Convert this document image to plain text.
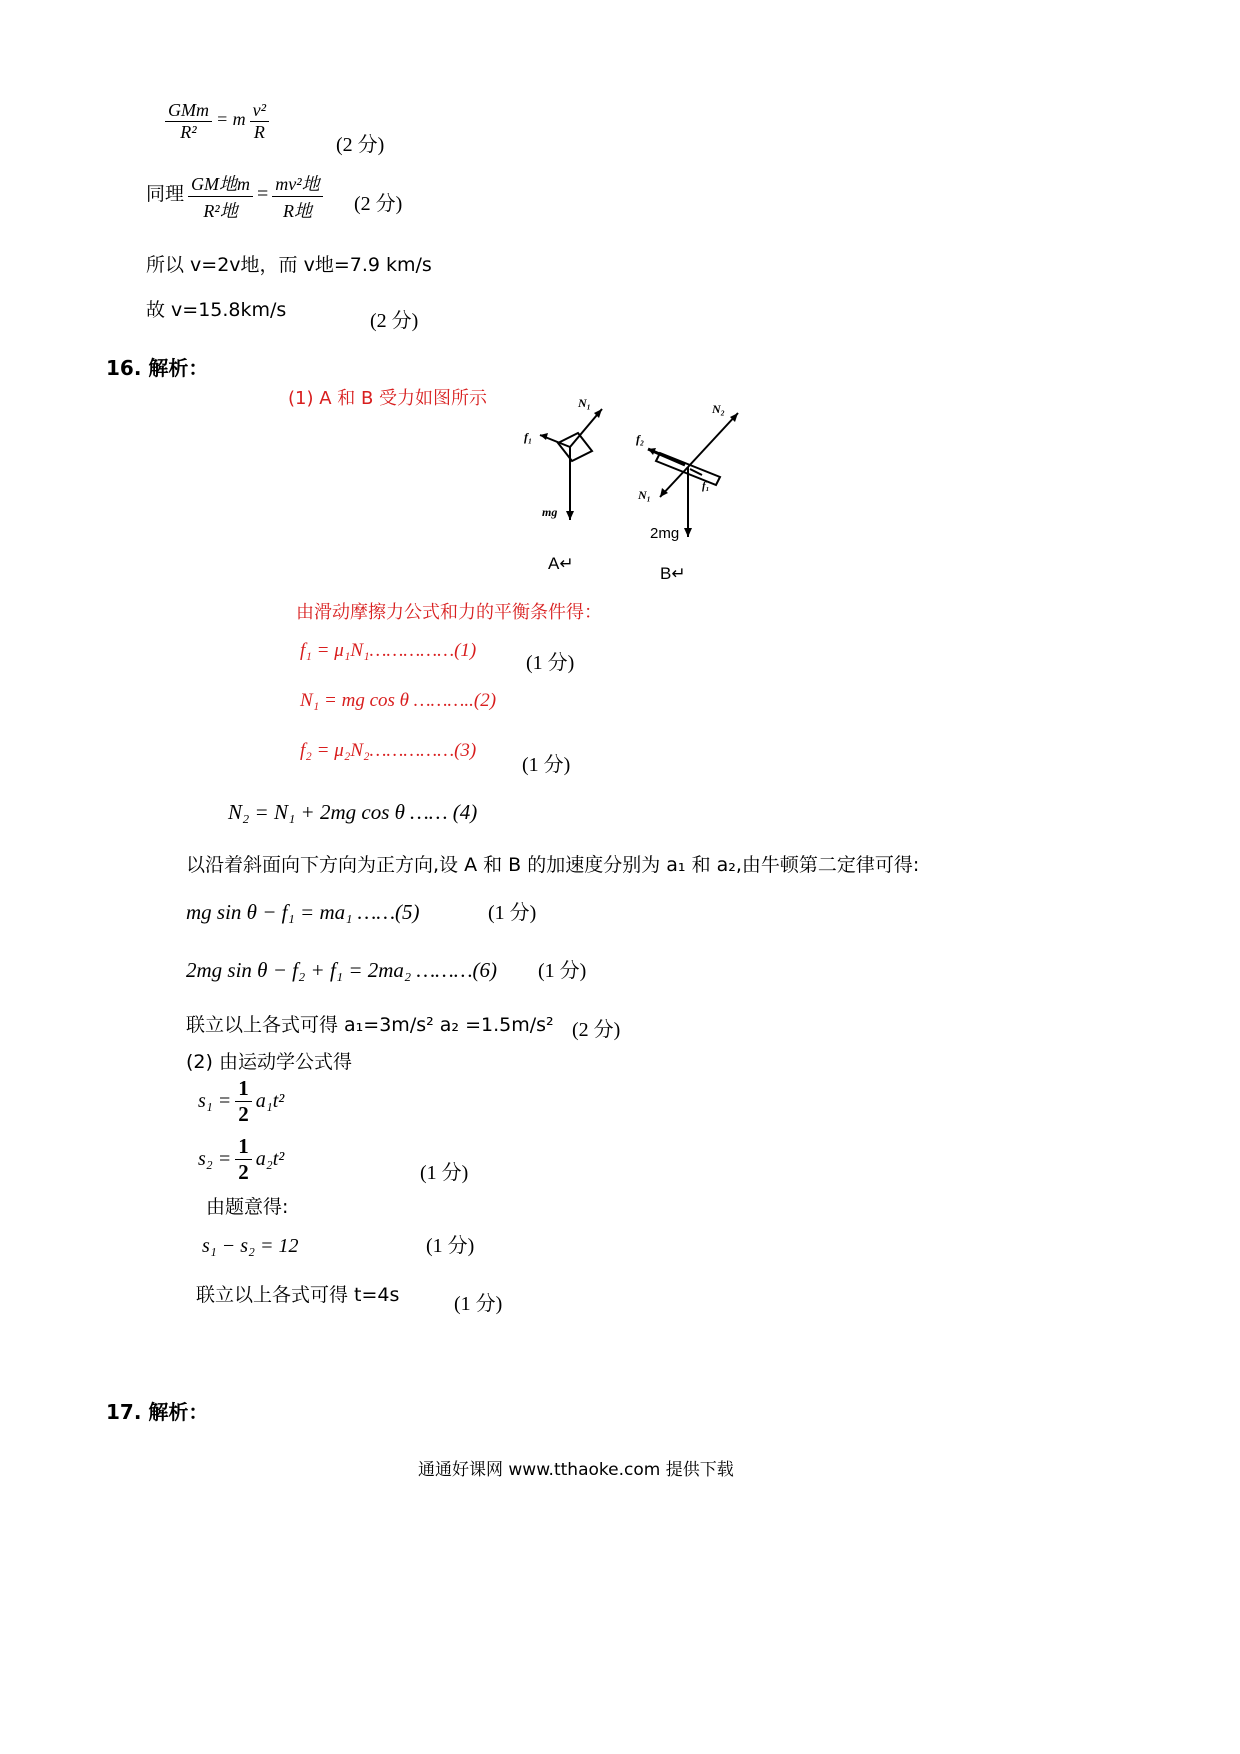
$\frac{\text{GMm}}{\text{R²}} = m \frac{\text{v²}}{R}$
(2 分)
同理 $\frac{\text{GM地m}}{\text{R²地}} = \frac{\text{mv²地}}{\text{R地}} (2$ 分)
所以 v=2v地，而 v地=7.9 km/s
故 v=15.8km/s	(2 分)
16. 解析：
(1) A 和 B 受力如图所示	N₁
f₁
mg
A↵
N₂
f₂
N₁
f₁
2mg
B↵
由滑动摩擦力公式和力的平衡条件得：
f₁ = μ₁N₁……………(1)
(1 分)
N₁ = mg cos θ ………..(2)
f₂ = μ₂N₂……………(3)
(1 分)
N₂ = N₁ + 2mg cos θ …… (4)
以沿着斜面向下方向为正方向,设 A 和 B 的加速度分别为 a₁ 和 a₂,由牛顿第二定律可得:
mg sin θ − f₁ = ma₁ ……(5)	(1 分)
2mg sin θ − f₂ + f₁ = 2ma₂ ………(6) (1 分)
联立以上各式可得 a₁=3m/s² a₂ =1.5m/s² (2 分)
(2) 由运动学公式得
$s_1 = \frac{1}{2} a_1t^2$
$s_2 = \frac{1}{2} a_2t^2$
(1 分)
由题意得:
s₁ − s₂ = 12	(1 分)
联立以上各式可得 t=4s	(1 分)
17. 解析：
通通好课网 www.tthaoke.com 提供下载
